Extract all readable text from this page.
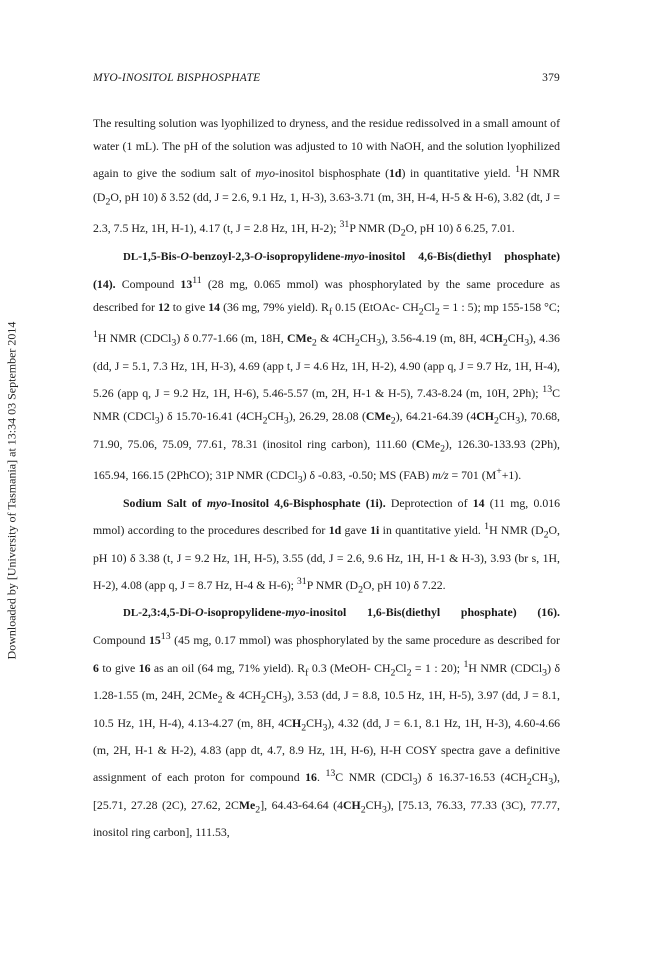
Downloaded by [University of Tasmania] at 13:34 03 September 2014
MYO-INOSITOL BISPHOSPHATE	379

The resulting solution was lyophilized to dryness, and the residue redissolved in a small amount of water (1 mL). The pH of the solution was adjusted to 10 with NaOH, and the solution lyophilized again to give the sodium salt of myo-inositol bisphosphate (1d) in quantitative yield. $^1$H NMR ($D_2O$, pH 10) δ 3.52 (dd, J = 2.6, 9.1 Hz, 1, H-3), 3.63-3.71 (m, 3H, H-4, H-5 & H-6), 3.82 (dt, J = 2.3, 7.5 Hz, 1H, H-1), 4.17 (t, J = 2.8 Hz, 1H, H-2); $^{31}$P NMR ($D_2O$, pH 10) δ 6.25, 7.01.

DL-1,5-Bis-O-benzoyl-2,3-O-isopropylidene-myo-inositol 4,6-Bis(diethyl phosphate) (14). Compound $13^{11}$ (28 mg, 0.065 mmol) was phosphorylated by the same procedure as described for 12 to give 14 (36 mg, 79% yield). $R_f$ 0.15 (EtOAc- $CH_2Cl_2 = 1$ : 5); mp 155-158 °C; $^1$H NMR (CDCl$_3$) δ 0.77-1.66 (m, 18H, CMe$_2$ & $4CH_2CH_3$), 3.56-4.19 (m, 8H, $4CH_2CH_3$), 4.36 (dd, J = 5.1, 7.3 Hz, 1H, H-3), 4.69 (app t, J = 4.6 Hz, 1H, H-2), 4.90 (app q, J = 9.7 Hz, 1H, H-4), 5.26 (app q, J = 9.2 Hz, 1H, H-6), 5.46-5.57 (m, 2H, H-1 & H-5), 7.43-8.24 (m, 10H, 2Ph); $^{13}$C NMR (CDCl$_3$) δ 15.70-16.41 $(4CH_2CH_3)$, 26.29, 28.08 (CMe$_2$), 64.21-64.39 $(4CH_2CH_3)$, 70.68, 71.90, 75.06, 75.09, 77.61, 78.31 (inositol ring carbon), 111.60 (CMe$_2$), 126.30-133.93 (2Ph), 165.94, 166.15 (2PhCO); 31P NMR (CDCl$_3$) δ -0.83, -0.50; MS (FAB) m/z = 701 (M++1).

Sodium Salt of myo-Inositol 4,6-Bisphosphate (1i). Deprotection of 14 (11 mg, 0.016 mmol) according to the procedures described for 1d gave 1i in quantitative yield. $^1$H NMR ($D_2O$, pH 10) δ 3.38 (t, J = 9.2 Hz, 1H, H-5), 3.55 (dd, J = 2.6, 9.6 Hz, 1H, H-1 & H-3), 3.93 (br s, 1H, H-2), 4.08 (app q, J = 8.7 Hz, H-4 & H-6); $^{31}$P NMR ($D_2O$, pH 10) δ 7.22.

DL-2,3:4,5-Di-O-isopropylidene-myo-inositol 1,6-Bis(diethyl phosphate) (16). Compound $15^{13}$ (45 mg, 0.17 mmol) was phosphorylated by the same procedure as described for 6 to give 16 as an oil (64 mg, 71% yield). $R_f$ 0.3 (MeOH- $CH_2Cl_2 = 1$ : 20); $^1$H NMR (CDCl$_3$) δ 1.28-1.55 (m, 24H, 2CMe$_2$ & $4CH_2CH_3$), 3.53 (dd, J = 8.8, 10.5 Hz, 1H, H-5), 3.97 (dd, J = 8.1, 10.5 Hz, 1H, H-4), 4.13-4.27 (m, 8H, $4CH_2CH_3$), 4.32 (dd, J = 6.1, 8.1 Hz, 1H, H-3), 4.60-4.66 (m, 2H, H-1 & H-2), 4.83 (app dt, 4.7, 8.9 Hz, 1H, H-6), H-H COSY spectra gave a definitive assignment of each proton for compound 16. $^{13}$C NMR (CDCl$_3$) δ 16.37-16.53 $(4CH_2CH_3)$, [25.71, 27.28 (2C), 27.62, 2CMe$_2$], 64.43-64.64 $(4CH_2CH_3)$, [75.13, 76.33, 77.33 (3C), 77.77, inositol ring carbon], 111.53,
